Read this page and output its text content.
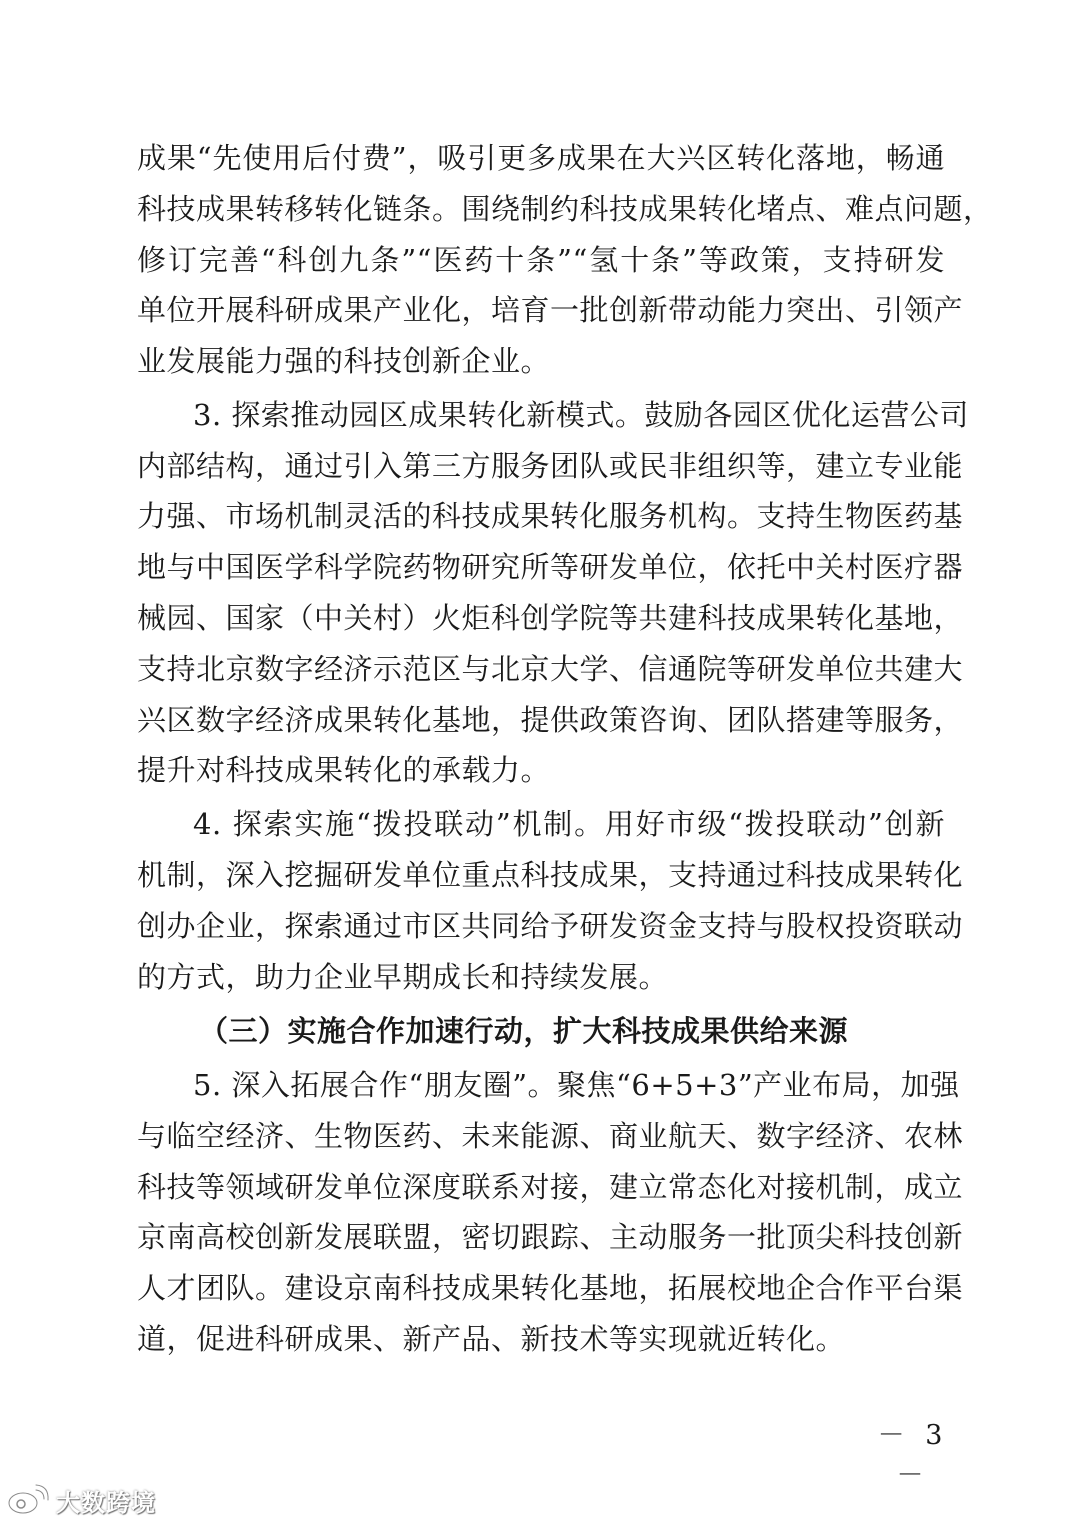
成果“先使用后付费”，吸引更多成果在大兴区转化落地，畅通
科技成果转移转化链条。围绕制约科技成果转化堵点、难点问题，
修订完善“科创九条”“医药十条”“氢十条”等政策，支持研发
单位开展科研成果产业化，培育一批创新带动能力突出、引领产
业发展能力强的科技创新企业。
3. 探索推动园区成果转化新模式。鼓励各园区优化运营公司
内部结构，通过引入第三方服务团队或民非组织等，建立专业能
力强、市场机制灵活的科技成果转化服务机构。支持生物医药基
地与中国医学科学院药物研究所等研发单位，依托中关村医疗器
械园、国家（中关村）火炬科创学院等共建科技成果转化基地，
支持北京数字经济示范区与北京大学、信通院等研发单位共建大
兴区数字经济成果转化基地，提供政策咨询、团队搭建等服务，
提升对科技成果转化的承载力。
4. 探索实施“拨投联动”机制。用好市级“拨投联动”创新
机制，深入挖掘研发单位重点科技成果，支持通过科技成果转化
创办企业，探索通过市区共同给予研发资金支持与股权投资联动
的方式，助力企业早期成长和持续发展。
（三）实施合作加速行动，扩大科技成果供给来源
5. 深入拓展合作“朋友圈”。聚焦“6+5+3”产业布局，加强
与临空经济、生物医药、未来能源、商业航天、数字经济、农林
科技等领域研发单位深度联系对接，建立常态化对接机制，成立
京南高校创新发展联盟，密切跟踪、主动服务一批顶尖科技创新
人才团队。建设京南科技成果转化基地，拓展校地企合作平台渠
道，促进科研成果、新产品、新技术等实现就近转化。
－ 3 －
大数跨境
